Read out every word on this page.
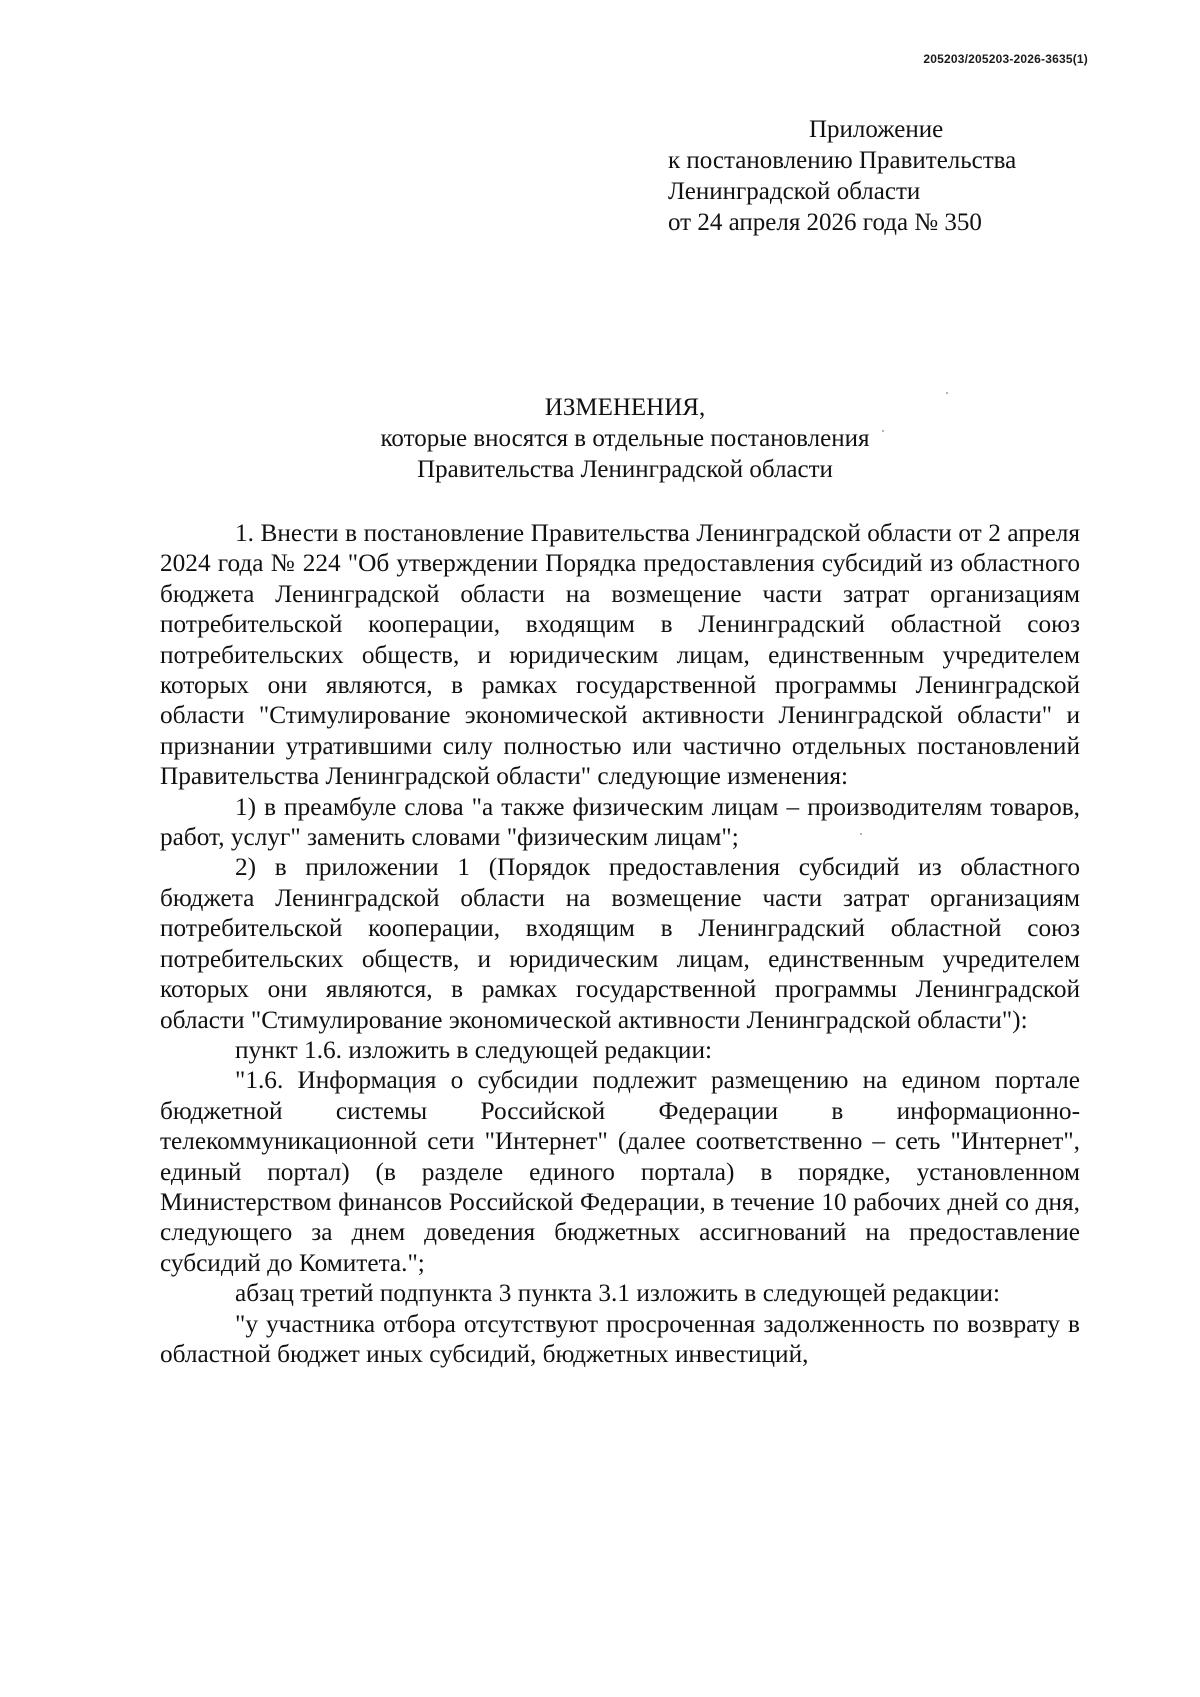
205203/205203-2026-3635(1)
Приложение
к постановлению Правительства
Ленинградской области
от 24 апреля 2026 года № 350
ИЗМЕНЕНИЯ,
которые вносятся в отдельные постановления
Правительства Ленинградской области

1. Внести в постановление Правительства Ленинградской области от 2 апреля 2024 года № 224 "Об утверждении Порядка предоставления субсидий из областного бюджета Ленинградской области на возмещение части затрат организациям потребительской кооперации, входящим в Ленинградский областной союз потребительских обществ, и юридическим лицам, единственным учредителем которых они являются, в рамках государственной программы Ленинградской области "Стимулирование экономической активности Ленинградской области" и признании утратившими силу полностью или частично отдельных постановлений Правительства Ленинградской области" следующие изменения:

1) в преамбуле слова "а также физическим лицам – производителям товаров, работ, услуг" заменить словами "физическим лицам";

2) в приложении 1 (Порядок предоставления субсидий из областного бюджета Ленинградской области на возмещение части затрат организациям потребительской кооперации, входящим в Ленинградский областной союз потребительских обществ, и юридическим лицам, единственным учредителем которых они являются, в рамках государственной программы Ленинградской области "Стимулирование экономической активности Ленинградской области"):

пункт 1.6. изложить в следующей редакции:

"1.6. Информация о субсидии подлежит размещению на едином портале бюджетной системы Российской Федерации в информационно-телекоммуникационной сети "Интернет" (далее соответственно – сеть "Интернет", единый портал) (в разделе единого портала) в порядке, установленном Министерством финансов Российской Федерации, в течение 10 рабочих дней со дня, следующего за днем доведения бюджетных ассигнований на предоставление субсидий до Комитета.";

абзац третий подпункта 3 пункта 3.1 изложить в следующей редакции:

"у участника отбора отсутствуют просроченная задолженность по возврату в областной бюджет иных субсидий, бюджетных инвестиций,
